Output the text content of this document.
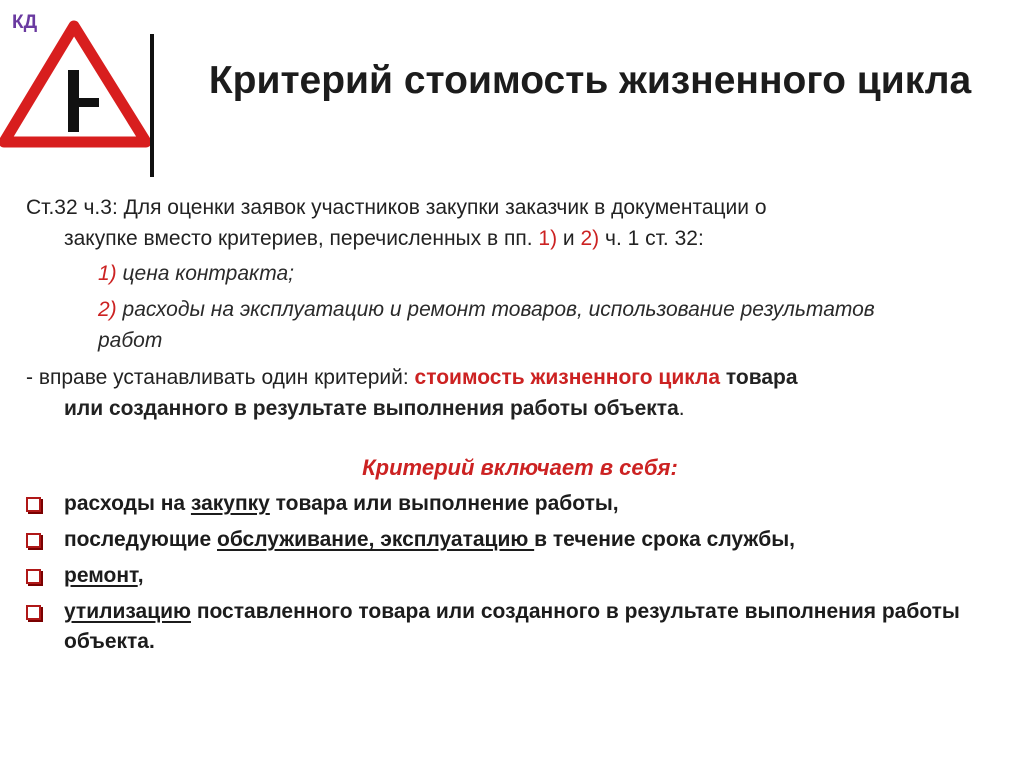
КД
Критерий стоимость жизненного цикла
Ст.32 ч.3: Для оценки заявок участников закупки заказчик в документации о
закупке вместо критериев, перечисленных в пп. 1) и 2) ч. 1 ст. 32:
1) цена контракта;
2) расходы на эксплуатацию и ремонт товаров, использование результатов работ
- вправе устанавливать один критерий: стоимость жизненного цикла товара
или созданного в результате выполнения работы объекта.
Критерий включает в себя:
расходы на закупку товара или выполнение работы,
последующие обслуживание, эксплуатацию в течение срока службы,
ремонт,
утилизацию поставленного товара или созданного в результате выполнения работы объекта.
